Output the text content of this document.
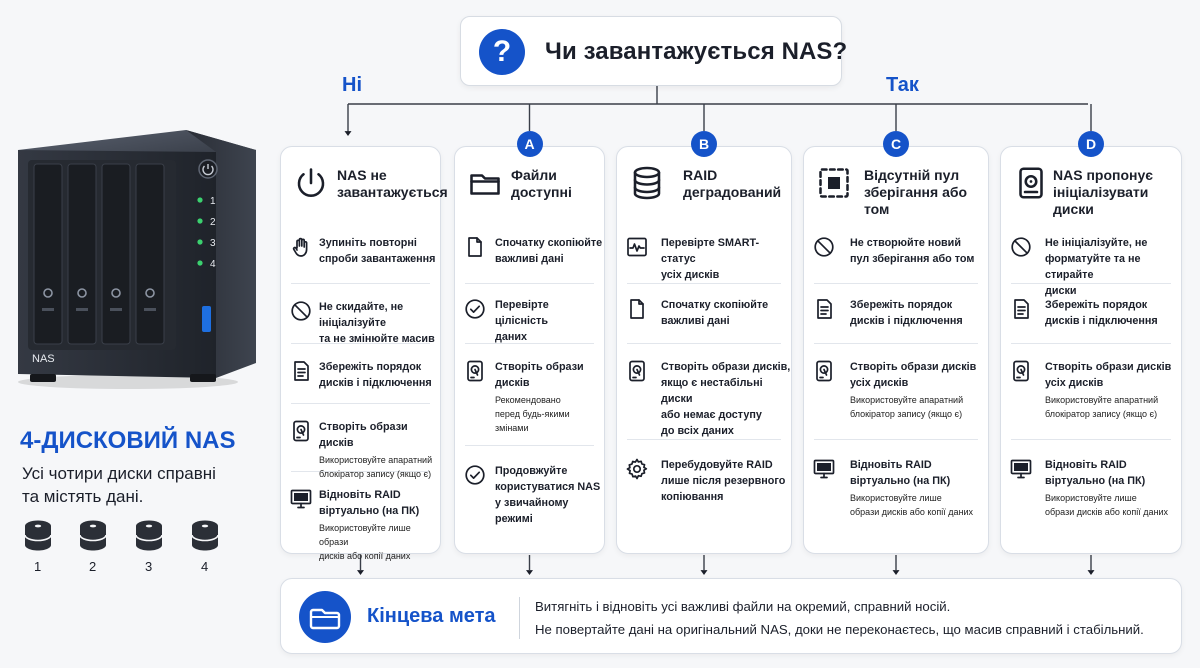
?	Чи завантажується NAS?
Ні	Так
1
2
3
4
NAS
4-ДИСКОВИЙ NAS
Усі чотири диски справні
та містять дані.
NAS не
завантажується
Зупиніть повторні
спроби завантаження
Не скидайте, не ініціалізуйте
та не змінюйте масив
Збережіть порядок
дисків і підключення
Створіть образи
дисків
Використовуйте апаратний
блокіратор запису (якщо є)
Відновіть RAID
віртуально (на ПК)
Використовуйте лише образи
дисків або копії даних
Файли
доступні
Спочатку скопіюйте
важливі дані
Перевірте цілісність
даних
Створіть образи
дисків
Рекомендовано
перед будь-якими змінами
Продовжуйте
користуватися NAS
у звичайному режимі
RAID
деградований
Перевірте SMART-статус
усіх дисків
Спочатку скопіюйте
важливі дані
Створіть образи дисків,
якщо є нестабільні диски
або немає доступу
до всіх даних
Перебудовуйте RAID
лише після резервного
копіювання
Відсутній пул
зберігання або том
Не створюйте новий
пул зберігання або том
Збережіть порядок
дисків і підключення
Створіть образи дисків
усіх дисків
Використовуйте апаратний
блокіратор запису (якщо є)
Відновіть RAID
віртуально (на ПК)
Використовуйте лише
образи дисків або копії даних
NAS пропонує
ініціалізувати диски
Не ініціалізуйте, не
форматуйте та не стирайте
диски
Збережіть порядок
дисків і підключення
Створіть образи дисків
усіх дисків
Використовуйте апаратний
блокіратор запису (якщо є)
Відновіть RAID
віртуально (на ПК)
Використовуйте лише
образи дисків або копії даних
Кінцева мета	Витягніть і відновіть усі важливі файли на окремий, справний носій.
Не повертайте дані на оригінальний NAS, доки не переконаєтесь, що масив справний і стабільний.
1	2	3	4
A	B	C	D
